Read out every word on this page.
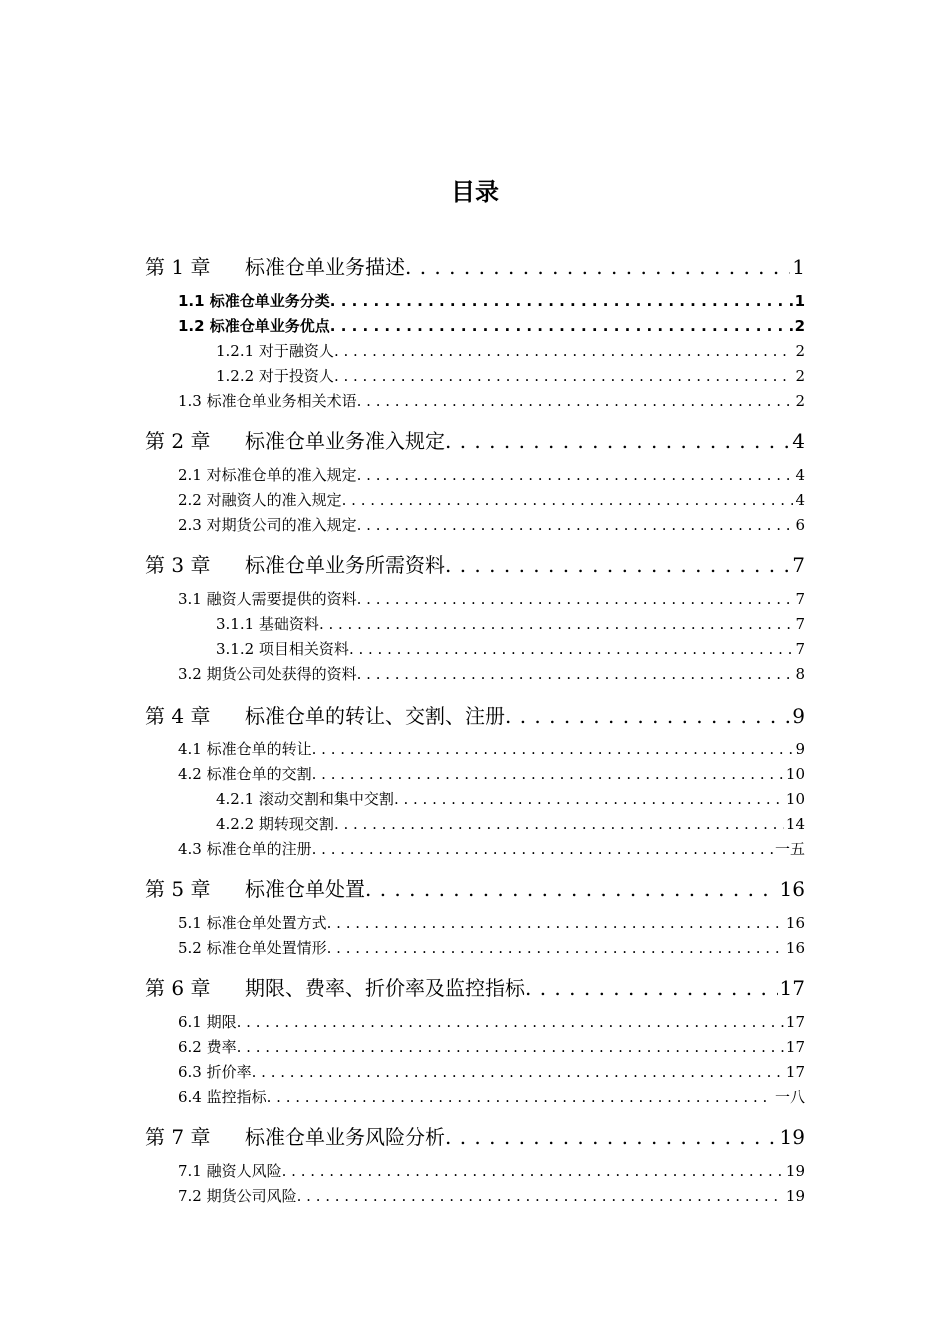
目录
第 1 章	标准仓单业务描述 . . .	1
1.1 标准仓单业务分类 . . .	1
1.2 标准仓单业务优点 . . .	2
1.2.1 对于融资人 . . .	2
1.2.2 对于投资人 . . .	2
1.3 标准仓单业务相关术语 . . .	2
第 2 章	标准仓单业务准入规定 . . .	4
2.1 对标准仓单的准入规定 . . .	4
2.2 对融资人的准入规定 . . .	4
2.3 对期货公司的准入规定 . . .	6
第 3 章	标准仓单业务所需资料 . . .	7
3.1 融资人需要提供的资料 . . .	7
3.1.1 基础资料 . . .	7
3.1.2 项目相关资料 . . .	7
3.2 期货公司处获得的资料 . . .	8
第 4 章	标准仓单的转让、交割、注册 . . .	9
4.1 标准仓单的转让 . . .	9
4.2 标准仓单的交割 . . .	10
4.2.1 滚动交割和集中交割 . . .	10
4.2.2 期转现交割 . . .	14
4.3 标准仓单的注册 . . .	一五
第 5 章	标准仓单处置 . . .	16
5.1 标准仓单处置方式 . . .	16
5.2 标准仓单处置情形 . . .	16
第 6 章	期限、费率、折价率及监控指标 . . .	17
6.1 期限 . . .	17
6.2 费率 . . .	17
6.3 折价率 . . .	17
6.4 监控指标 . . .	一八
第 7 章	标准仓单业务风险分析 . . .	19
7.1 融资人风险 . . .	19
7.2 期货公司风险 . . .	19
